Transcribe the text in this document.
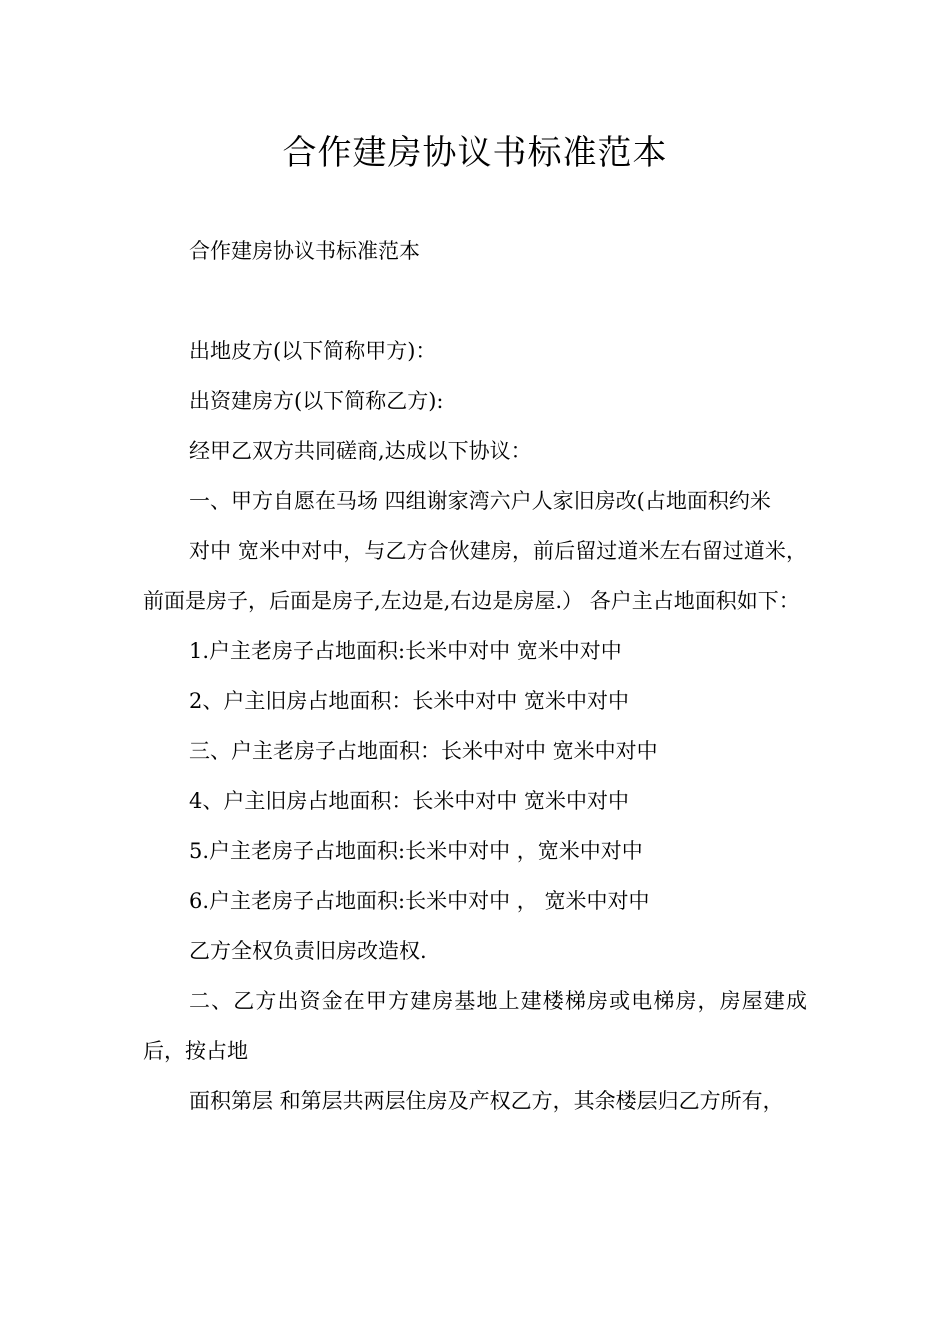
合作建房协议书标准范本

合作建房协议书标准范本

出地皮方(以下简称甲方)：

出资建房方(以下简称乙方):

经甲乙双方共同磋商,达成以下协议：

一、甲方自愿在马场 四组谢家湾六户人家旧房改(占地面积约米

对中 宽米中对中，与乙方合伙建房，前后留过道米左右留过道米，前面是房子，后面是房子,左边是,右边是房屋.） 各户主占地面积如下：

1.户主老房子占地面积:长米中对中 宽米中对中

2、户主旧房占地面积：长米中对中 宽米中对中

三、户主老房子占地面积：长米中对中 宽米中对中

4、户主旧房占地面积：长米中对中 宽米中对中

5.户主老房子占地面积:长米中对中 ，宽米中对中

6.户主老房子占地面积:长米中对中 ， 宽米中对中

乙方全权负责旧房改造权.

二、乙方出资金在甲方建房基地上建楼梯房或电梯房，房屋建成后，按占地

面积第层 和第层共两层住房及产权乙方，其余楼层归乙方所有，
